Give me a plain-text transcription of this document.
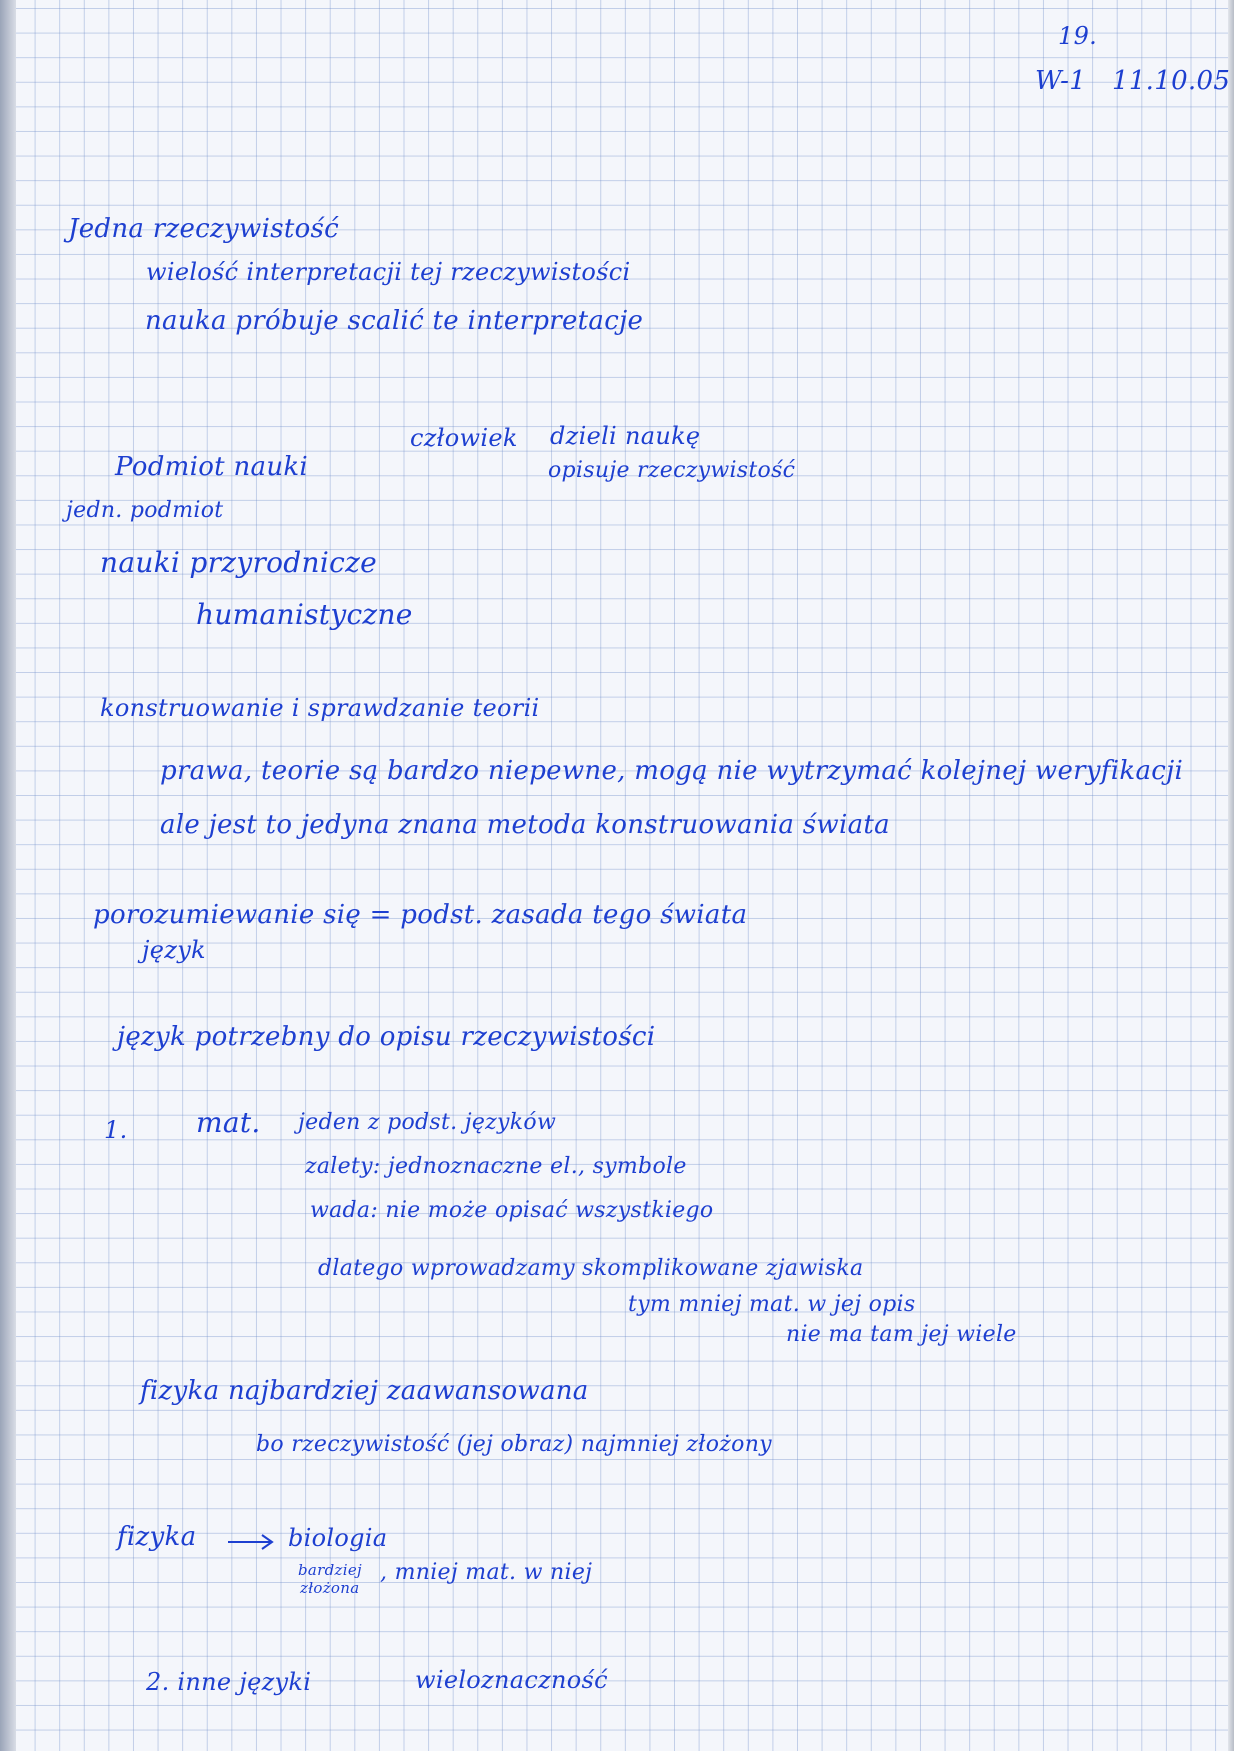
19.
W-1 11.10.05
Jedna rzeczywistość
wielość interpretacji tej rzeczywistości
nauka próbuje scalić te interpretacje
człowiek dzieli naukę
opisuje rzeczywistość
Podmiot nauki
jedn. podmiot
nauki przyrodnicze
humanistyczne
konstruowanie i sprawdzanie teorii
prawa, teorie są bardzo niepewne, mogą nie wytrzymać kolejnej weryfikacji
ale jest to jedyna znana metoda konstruowania świata
porozumiewanie się = podst. zasada tego świata
język
język potrzebny do opisu rzeczywistości
1. mat. jeden z podst. języków
zalety: jednoznaczne el., symbole
wada: nie może opisać wszystkiego
dlatego wprowadzamy skomplikowane zjawiska
tym mniej mat. w jej opis
nie ma tam jej wiele
fizyka najbardziej zaawansowana
bo rzeczywistość (jej obraz) najmniej złożony
fizyka	biologia
bardziej
złożona
, mniej mat. w niej
2. inne języki	wieloznaczność
